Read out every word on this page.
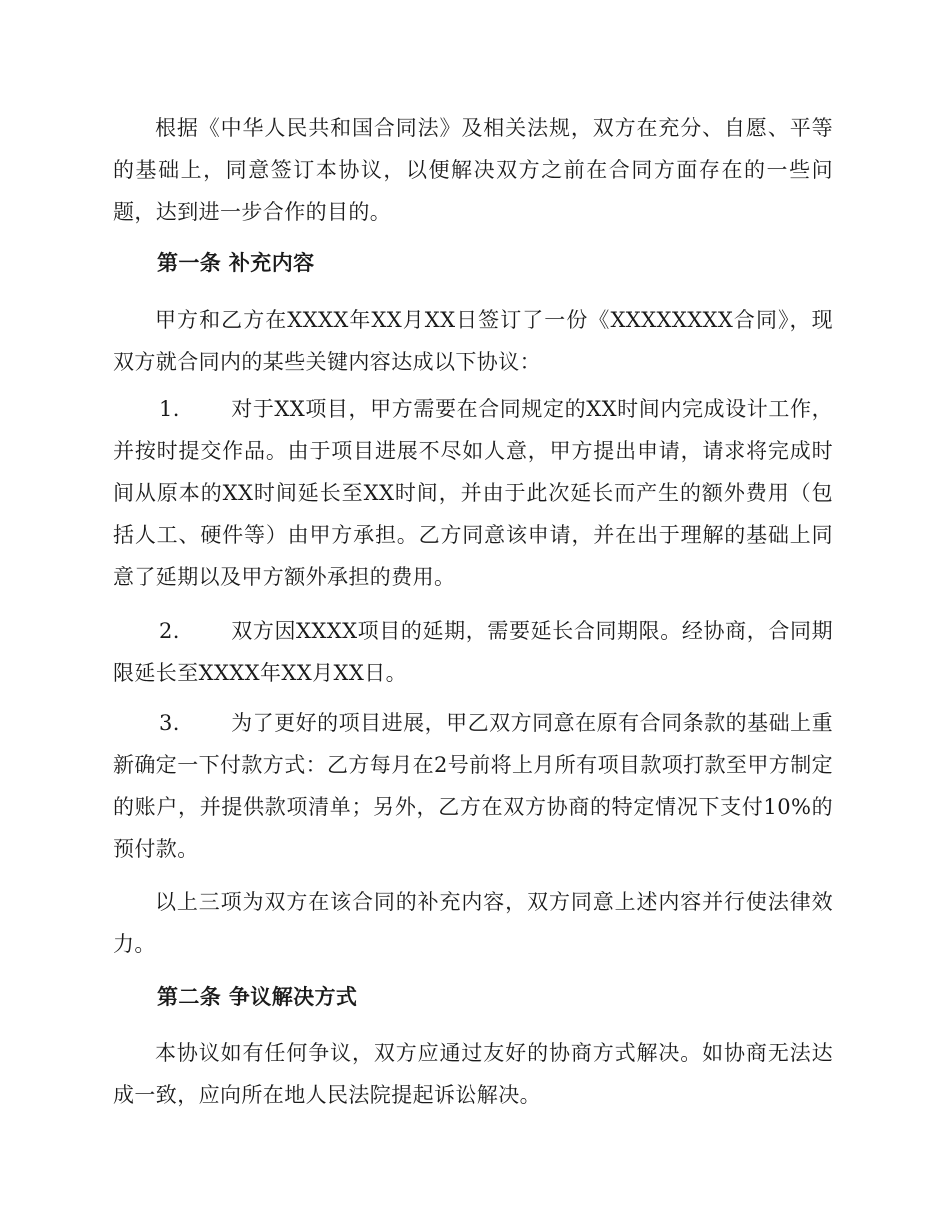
根据《中华人民共和国合同法》及相关法规，双方在充分、自愿、平等的基础上，同意签订本协议，以便解决双方之前在合同方面存在的一些问题，达到进一步合作的目的。

第一条 补充内容

甲方和乙方在XXXX年XX月XX日签订了一份《XXXXXXXX合同》，现双方就合同内的某些关键内容达成以下协议：

1. 对于XX项目，甲方需要在合同规定的XX时间内完成设计工作，并按时提交作品。由于项目进展不尽如人意，甲方提出申请，请求将完成时间从原本的XX时间延长至XX时间，并由于此次延长而产生的额外费用（包括人工、硬件等）由甲方承担。乙方同意该申请，并在出于理解的基础上同意了延期以及甲方额外承担的费用。

2. 双方因XXXX项目的延期，需要延长合同期限。经协商，合同期限延长至XXXX年XX月XX日。

3. 为了更好的项目进展，甲乙双方同意在原有合同条款的基础上重新确定一下付款方式：乙方每月在2号前将上月所有项目款项打款至甲方制定的账户，并提供款项清单；另外，乙方在双方协商的特定情况下支付10%的预付款。

以上三项为双方在该合同的补充内容，双方同意上述内容并行使法律效力。

第二条 争议解决方式

本协议如有任何争议，双方应通过友好的协商方式解决。如协商无法达成一致，应向所在地人民法院提起诉讼解决。
